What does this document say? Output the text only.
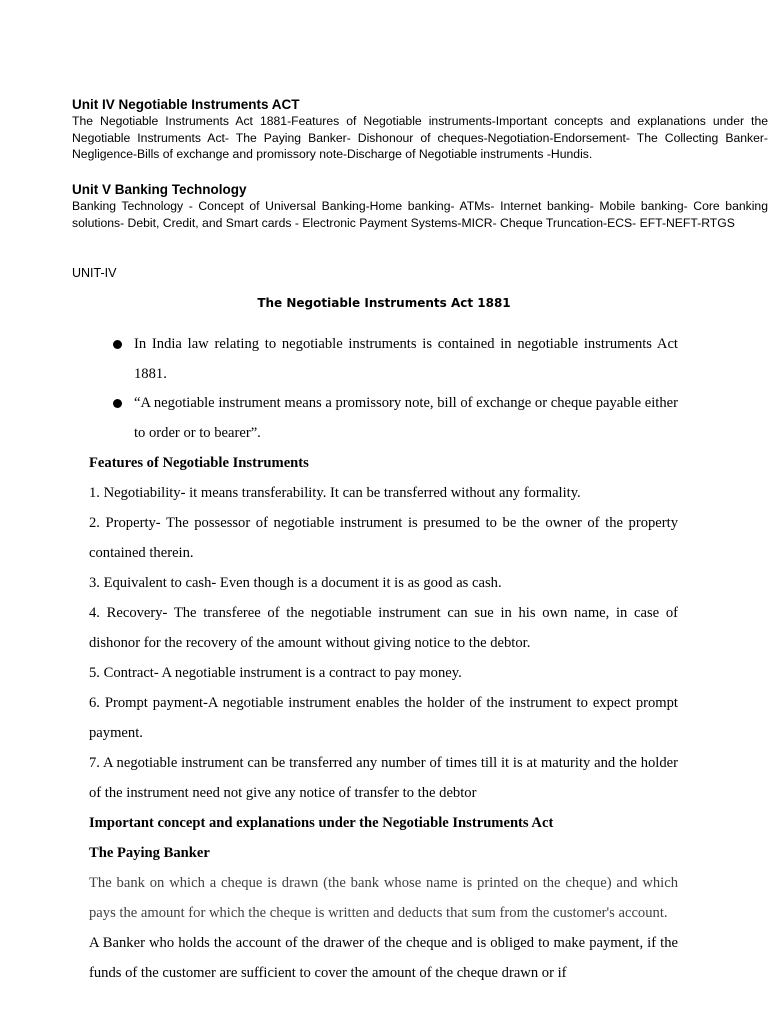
Unit IV Negotiable Instruments ACT

The Negotiable Instruments Act 1881-Features of Negotiable instruments-Important concepts and explanations under the Negotiable Instruments Act- The Paying Banker- Dishonour of cheques-Negotiation-Endorsement- The Collecting Banker-Negligence-Bills of exchange and promissory note-Discharge of Negotiable instruments -Hundis.

Unit V Banking Technology

Banking Technology - Concept of Universal Banking-Home banking- ATMs- Internet banking- Mobile banking- Core banking solutions- Debit, Credit, and Smart cards - Electronic Payment Systems-MICR- Cheque Truncation-ECS- EFT-NEFT-RTGS

UNIT-IV
The Negotiable Instruments Act 1881
In India law relating to negotiable instruments is contained in negotiable instruments Act 1881.
“A negotiable instrument means a promissory note, bill of exchange or cheque payable either to order or to bearer”.

Features of Negotiable Instruments

1. Negotiability- it means transferability. It can be transferred without any formality.

2. Property- The possessor of negotiable instrument is presumed to be the owner of the property contained therein.

3. Equivalent to cash- Even though is a document it is as good as cash.

4. Recovery- The transferee of the negotiable instrument can sue in his own name, in case of dishonor for the recovery of the amount without giving notice to the debtor.

5. Contract- A negotiable instrument is a contract to pay money.

6. Prompt payment-A negotiable instrument enables the holder of the instrument to expect prompt payment.

7. A negotiable instrument can be transferred any number of times till it is at maturity and the holder of the instrument need not give any notice of transfer to the debtor

Important concept and explanations under the Negotiable Instruments Act

The Paying Banker

The bank on which a cheque is drawn (the bank whose name is printed on the cheque) and which pays the amount for which the cheque is written and deducts that sum from the customer's account.

A Banker who holds the account of the drawer of the cheque and is obliged to make payment, if the funds of the customer are sufficient to cover the amount of the cheque drawn or if
